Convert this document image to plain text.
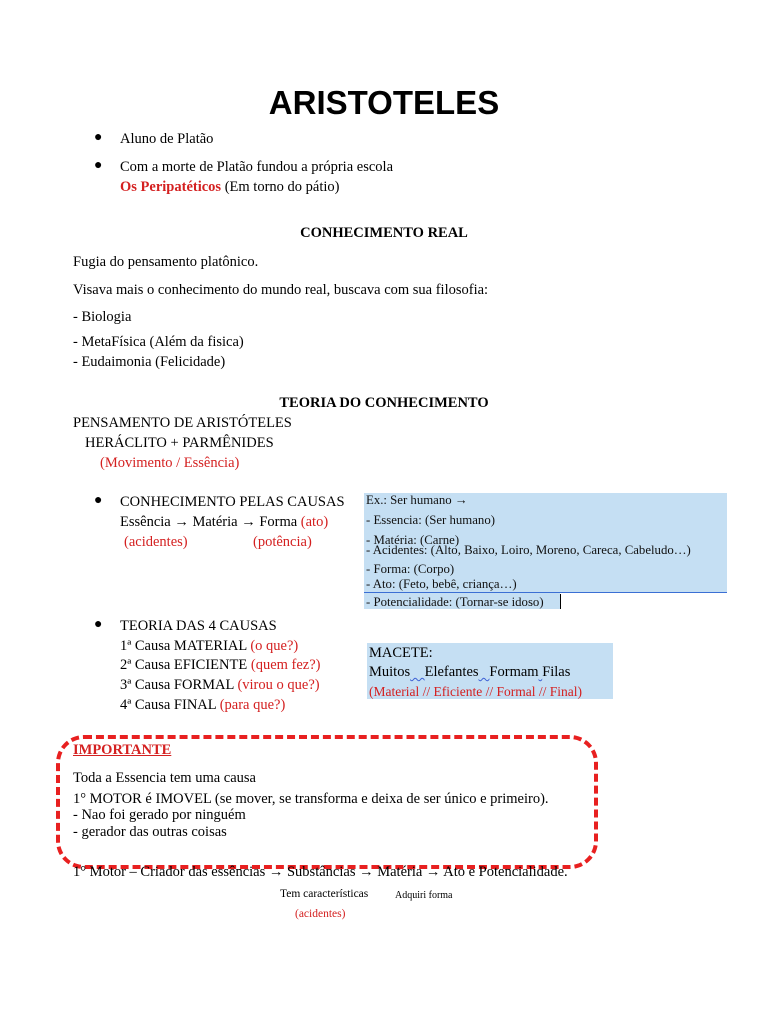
ARISTOTELES
● Aluno de Platão
● Com a morte de Platão fundou a própria escola
Os Peripatéticos (Em torno do pátio)
CONHECIMENTO REAL
Fugia do pensamento platônico.
Visava mais o conhecimento do mundo real, buscava com sua filosofia:
- Biologia
- MetaFísica (Além da fisica)
- Eudaimonia (Felicidade)
TEORIA DO CONHECIMENTO
PENSAMENTO DE ARISTÓTELES
HERÁCLITO + PARMÊNIDES
(Movimento / Essência)
● CONHECIMENTO PELAS CAUSAS
Essência → Matéria → Forma (ato)
(acidentes)	(potência)
Ex.: Ser humano →
- Essencia: (Ser humano)
- Matéria: (Carne)
- Acidentes: (Alto, Baixo, Loiro, Moreno, Careca, Cabeludo…)
- Forma: (Corpo)
- Ato: (Feto, bebê, criança…)
- Potencialidade: (Tornar-se idoso)
● TEORIA DAS 4 CAUSAS
1ª Causa MATERIAL (o que?)
2ª Causa EFICIENTE (quem fez?)
3ª Causa FORMAL (virou o que?)
4ª Causa FINAL (para que?)
MACETE:
Muitos Elefantes Formam Filas
(Material // Eficiente // Formal // Final)
IMPORTANTE
Toda a Essencia tem uma causa
1° MOTOR é IMOVEL (se mover, se transforma e deixa de ser único e primeiro).
- Nao foi gerado por ninguém
- gerador das outras coisas
1° Motor – Criador das essências → Substâncias → Matéria → Ato e Potencialidade.
Tem características	Adquiri forma
(acidentes)
